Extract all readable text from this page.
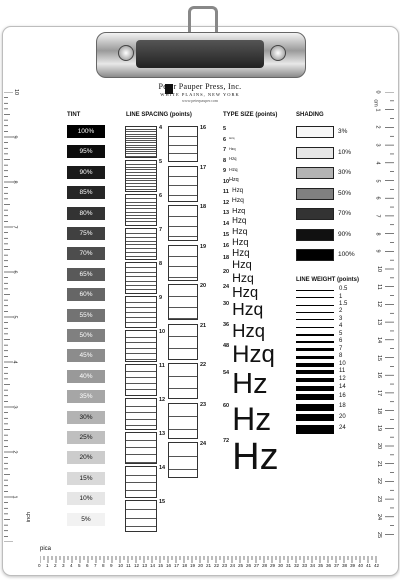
Peter Pauper Press, Inc.
WHITE PLAINS, NEW YORK
www.peterpauper.com
TINT	LINE SPACING (points)	TYPE SIZE (points)	SHADING
LINE WEIGHT (points)
100%
95%
90%
85%
80%
75%
70%
65%
60%
55%
50%
45%
40%
35%
30%
25%
20%
15%
10%
5%
4
5
6
7
8
9
10
11
12
13
14
15
16
17
18
19
20
21
22
23
24
$^5$Hzq
$^6$Hzq
$^7$Hzq
$^8$Hzq
$^9$Hzq
$^{10}$Hzq
$^{11}$Hzq
$^{12}$Hzq
$^{13}$Hzq
$^{14}$Hzq
$^{15}$Hzq
$^{16}$Hzq
$^{18}$Hzq
$^{20}$ Hzq
$^{24}$ Hzq
$^{30}$ Hzq
$^{36}$ Hzq
$^{48}$ Hzq
$^{54}$ Hz
$^{60}$Hz
$^{72}$Hz
3%
10%
30%
50%
70%
90%
100%
0.5
1
1.5
2
3
4
5
6
7
8
10
11
12
14
16
18
20
24
10
9
8
7
6
5
4
3
2
1
0
1
2
3
4
5
6
7
8
9
10
11
12
13
14
15
16
17
18
19
20
21
22
23
24
25
inch
cm
pica
0 1 2 3 4 5 6 7 8 9 10 11 12 13 14 15 16 17 18 19 20 21 22 23 24 25 26 27 28 29 30 31 32 33 34 35 36 37 38 39 40 41 42
